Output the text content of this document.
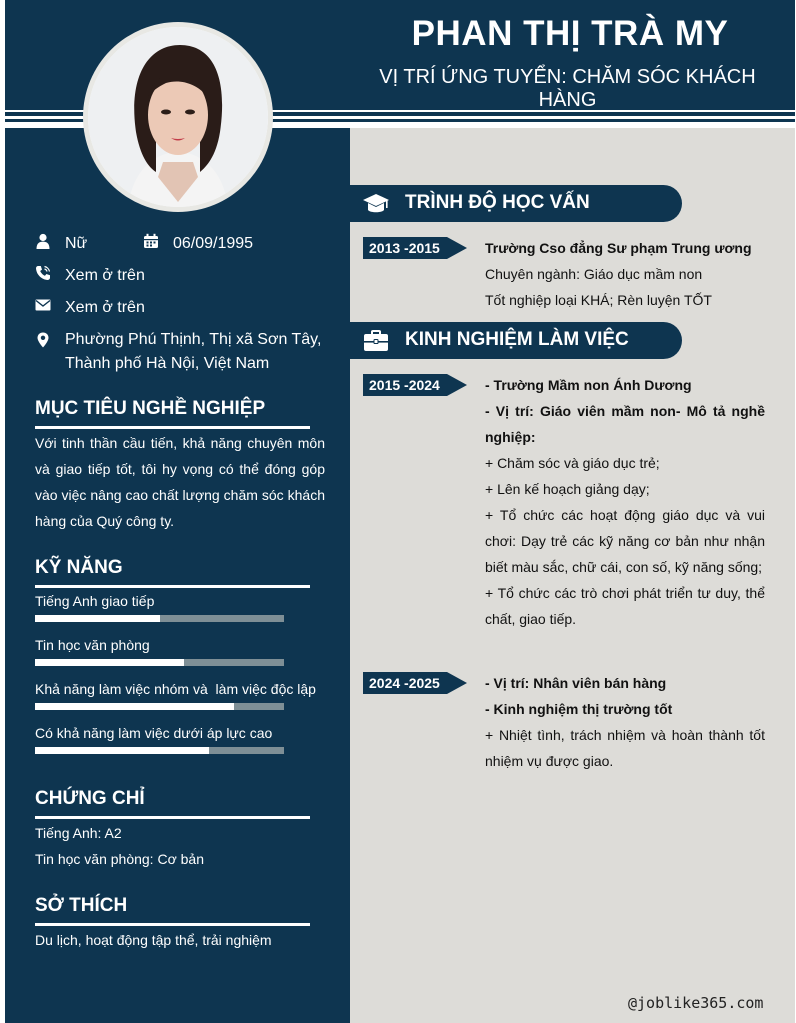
PHAN THỊ TRÀ MY
VỊ TRÍ ỨNG TUYỂN: CHĂM SÓC KHÁCH HÀNG
Nữ	06/09/1995
Xem ở trên
Xem ở trên
Phường Phú Thịnh, Thị xã Sơn Tây,
Thành phố Hà Nội, Việt Nam
MỤC TIÊU NGHỀ NGHIỆP
Với tinh thần cầu tiến, khả năng chuyên môn và giao tiếp tốt, tôi hy vọng có thể đóng góp vào việc nâng cao chất lượng chăm sóc khách hàng của Quý công ty.
KỸ NĂNG
Tiếng Anh giao tiếp
Tin học văn phòng
Khả năng làm việc nhóm và  làm việc độc lập
Có khả năng làm việc dưới áp lực cao
CHỨNG CHỈ
Tiếng Anh: A2
Tin học văn phòng: Cơ bản
SỞ THÍCH
Du lịch, hoạt động tập thể, trải nghiệm
TRÌNH ĐỘ HỌC VẤN
2013 -2015	Trường Cso đẳng Sư phạm Trung ương

Chuyên ngành: Giáo dục mầm non

Tốt nghiệp loại KHÁ; Rèn luyện TỐT

KINH NGHIỆM LÀM VIỆC
2015 -2024	- Trường Mầm non Ánh Dương

- Vị trí: Giáo viên mầm non- Mô tả nghề nghiệp:

+ Chăm sóc và giáo dục trẻ;

+ Lên kế hoạch giảng dạy;

+ Tổ chức các hoạt động giáo dục và vui chơi: Dạy trẻ các kỹ năng cơ bản như nhận biết màu sắc, chữ cái, con số, kỹ năng sống;

+ Tổ chức các trò chơi phát triển tư duy, thể chất, giao tiếp.

2024 -2025	- Vị trí: Nhân viên bán hàng

- Kinh nghiệm thị trường tốt

+ Nhiệt tình, trách nhiệm và hoàn thành tốt nhiệm vụ được giao.

@joblike365.com
